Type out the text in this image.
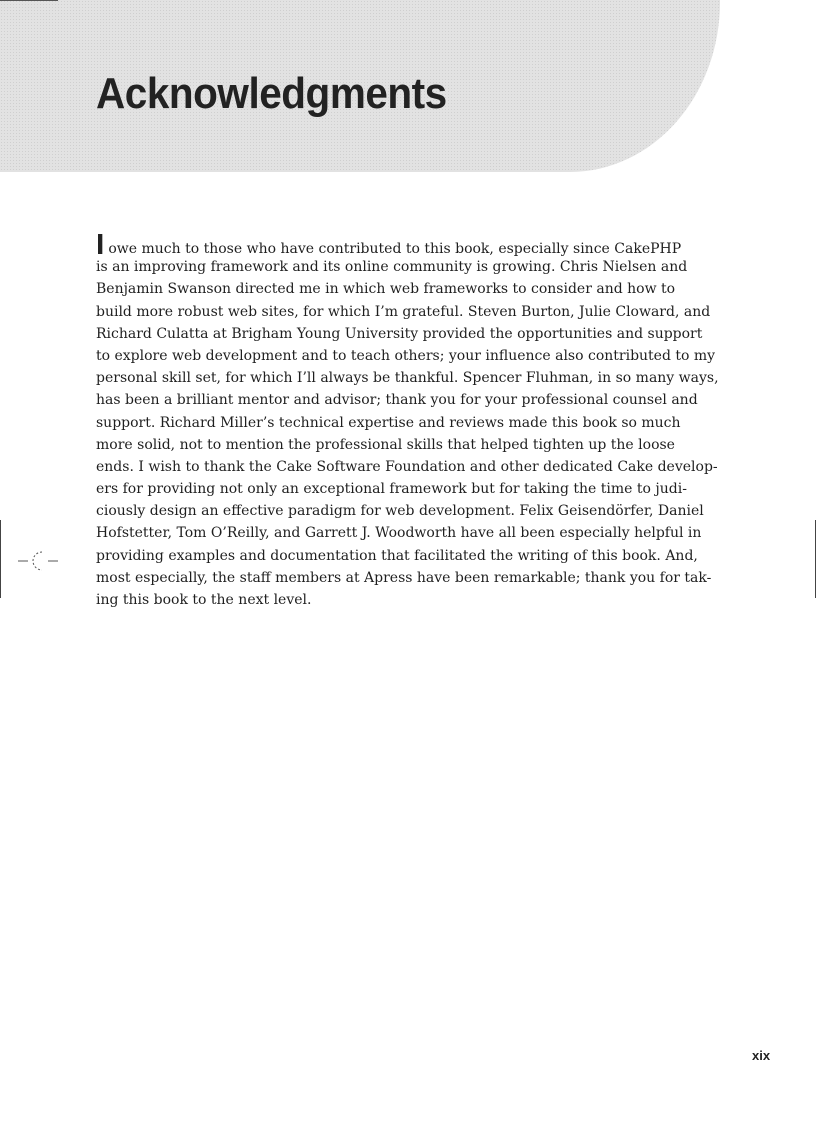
Acknowledgments
Iowe much to those who have contributed to this book, especially since CakePHP
is an improving framework and its online community is growing. Chris Nielsen and
Benjamin Swanson directed me in which web frameworks to consider and how to
build more robust web sites, for which I’m grateful. Steven Burton, Julie Cloward, and
Richard Culatta at Brigham Young University provided the opportunities and support
to explore web development and to teach others; your influence also contributed to my
personal skill set, for which I’ll always be thankful. Spencer Fluhman, in so many ways,
has been a brilliant mentor and advisor; thank you for your professional counsel and
support. Richard Miller’s technical expertise and reviews made this book so much
more solid, not to mention the professional skills that helped tighten up the loose
ends. I wish to thank the Cake Software Foundation and other dedicated Cake develop-
ers for providing not only an exceptional framework but for taking the time to judi-
ciously design an effective paradigm for web development. Felix Geisendörfer, Daniel
Hofstetter, Tom O’Reilly, and Garrett J. Woodworth have all been especially helpful in
providing examples and documentation that facilitated the writing of this book. And,
most especially, the staff members at Apress have been remarkable; thank you for tak-
ing this book to the next level.
xix
